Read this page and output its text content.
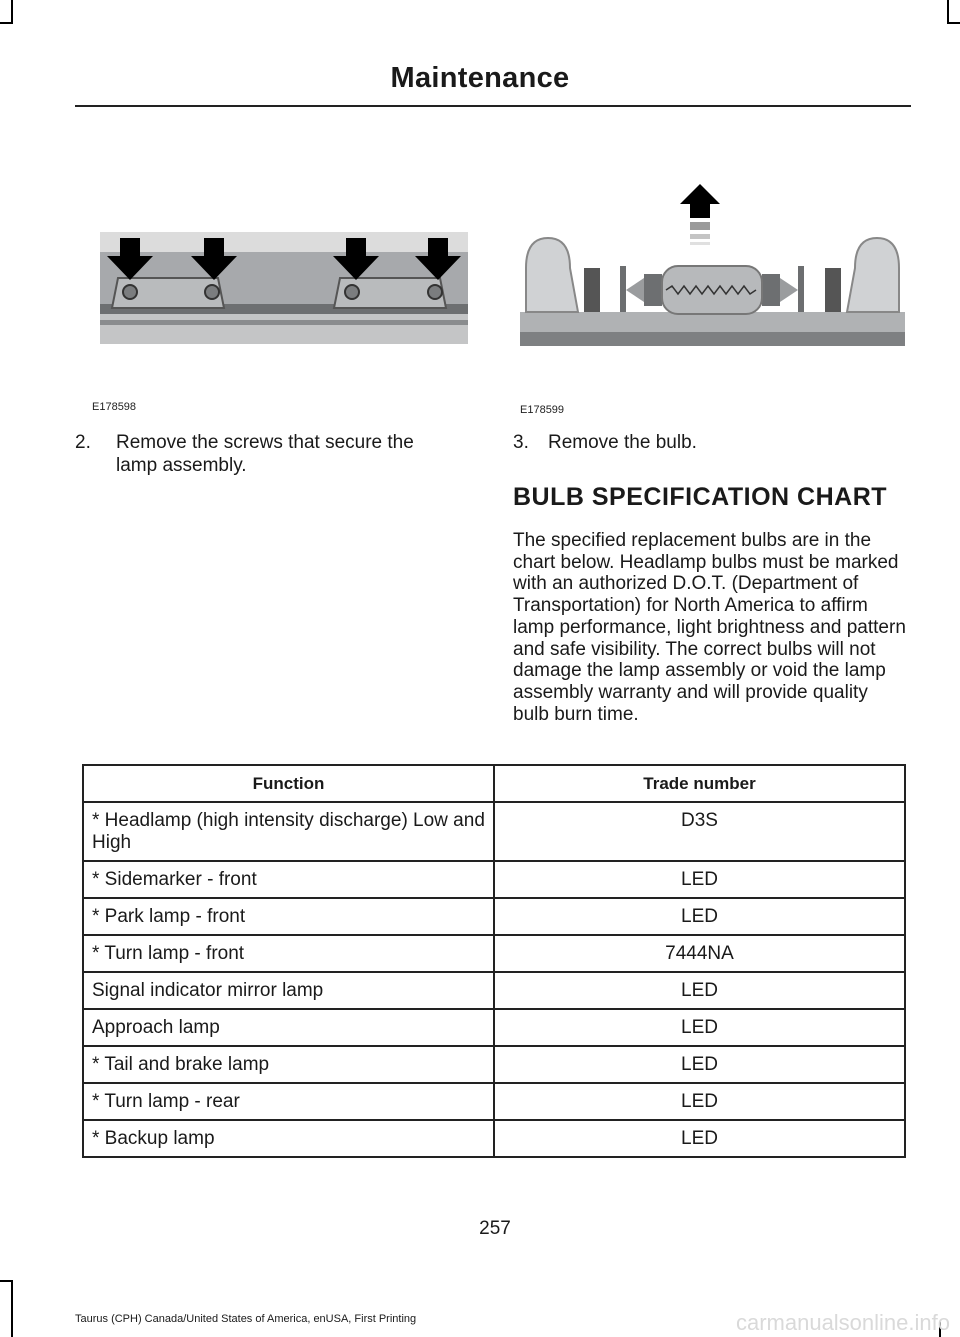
Maintenance
E178598	E178599
2. Remove the screws that secure the
lamp assembly.
3. Remove the bulb.
BULB SPECIFICATION CHART
The specified replacement bulbs are in the chart below. Headlamp bulbs must be marked with an authorized D.O.T. (Department of Transportation) for North America to affirm lamp performance, light brightness and pattern and safe visibility. The correct bulbs will not damage the lamp assembly or void the lamp assembly warranty and will provide quality bulb burn time.
Function	Trade number
* Headlamp (high intensity discharge) Low and High	D3S
* Sidemarker - front	LED
* Park lamp - front	LED
* Turn lamp - front	7444NA
Signal indicator mirror lamp	LED
Approach lamp	LED
* Tail and brake lamp	LED
* Turn lamp - rear	LED
* Backup lamp	LED
257
Taurus (CPH) Canada/United States of America, enUSA, First Printing	carmanualsonline.info
